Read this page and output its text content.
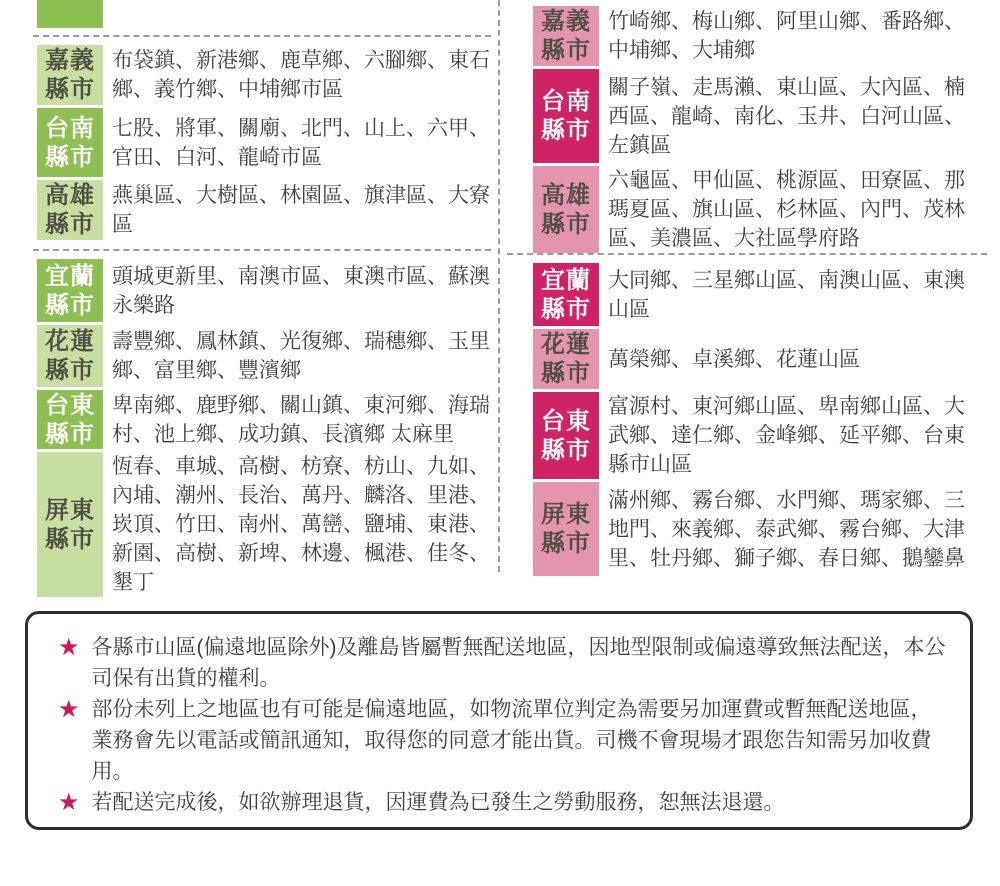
嘉義
縣市
布袋鎮、新港鄉、鹿草鄉、六腳鄉、東石鄉、義竹鄉、中埔鄉市區
台南
縣市
七股、將軍、關廟、北門、山上、六甲、官田、白河、龍崎市區
高雄
縣市
燕巢區、大樹區、林園區、旗津區、大寮區
宜蘭
縣市
頭城更新里、南澳市區、東澳市區、蘇澳永樂路
花蓮
縣市
壽豐鄉、鳳林鎮、光復鄉、瑞穗鄉、玉里鄉、富里鄉、豐濱鄉
台東
縣市
卑南鄉、鹿野鄉、關山鎮、東河鄉、海瑞村、池上鄉、成功鎮、長濱鄉 太麻里
屏東
縣市
恆春、車城、高樹、枋寮、枋山、九如、內埔、潮州、長治、萬丹、麟洛、里港、崁頂、竹田、南州、萬巒、鹽埔、東港、新園、高樹、新埤、林邊、楓港、佳冬、墾丁
嘉義
縣市
竹崎鄉、梅山鄉、阿里山鄉、番路鄉、中埔鄉、大埔鄉
台南
縣市
關子嶺、走馬瀨、東山區、大內區、楠西區、龍崎、南化、玉井、白河山區、左鎮區
高雄
縣市
六龜區、甲仙區、桃源區、田寮區、那瑪夏區、旗山區、杉林區、內門、茂林區、美濃區、大社區學府路
宜蘭
縣市
大同鄉、三星鄉山區、南澳山區、東澳山區
花蓮
縣市
萬榮鄉、卓溪鄉、花蓮山區
台東
縣市
富源村、東河鄉山區、卑南鄉山區、大武鄉、達仁鄉、金峰鄉、延平鄉、台東縣市山區
屏東
縣市
滿州鄉、霧台鄉、水門鄉、瑪家鄉、三地門、來義鄉、泰武鄉、霧台鄉、大津里、牡丹鄉、獅子鄉、春日鄉、鵝鑾鼻
★ 各縣市山區(偏遠地區除外)及離島皆屬暫無配送地區，因地型限制或偏遠導致無法配送，本公司保有出貨的權利。
★ 部份未列上之地區也有可能是偏遠地區，如物流單位判定為需要另加運費或暫無配送地區，業務會先以電話或簡訊通知，取得您的同意才能出貨。司機不會現場才跟您告知需另加收費用。
★ 若配送完成後，如欲辦理退貨，因運費為已發生之勞動服務，恕無法退還。
